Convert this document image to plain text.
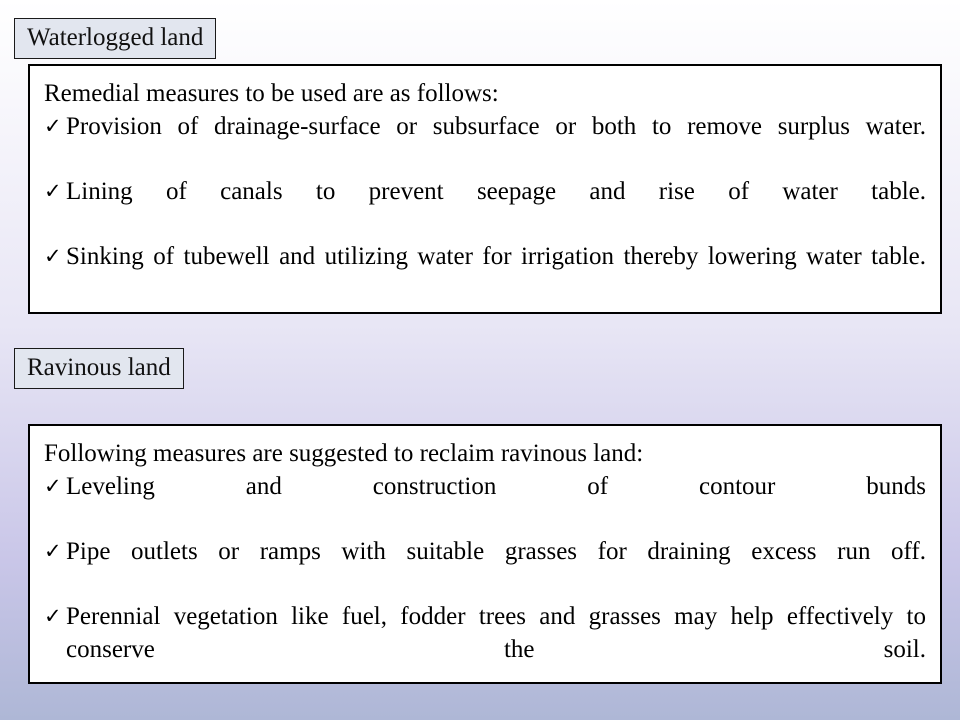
Waterlogged land

Remedial measures to be used are as follows:

✓ Provision of drainage-surface or subsurface or both to remove surplus water.
✓ Lining of canals to prevent seepage and rise of water table.
✓ Sinking of tubewell and utilizing water for irrigation thereby lowering water table.
Ravinous land

Following measures are suggested to reclaim ravinous land:

✓ Leveling and construction of contour bunds
✓ Pipe outlets or ramps with suitable grasses for draining excess run off.
✓ Perennial vegetation like fuel, fodder trees and grasses may help effectively to conserve the soil.
